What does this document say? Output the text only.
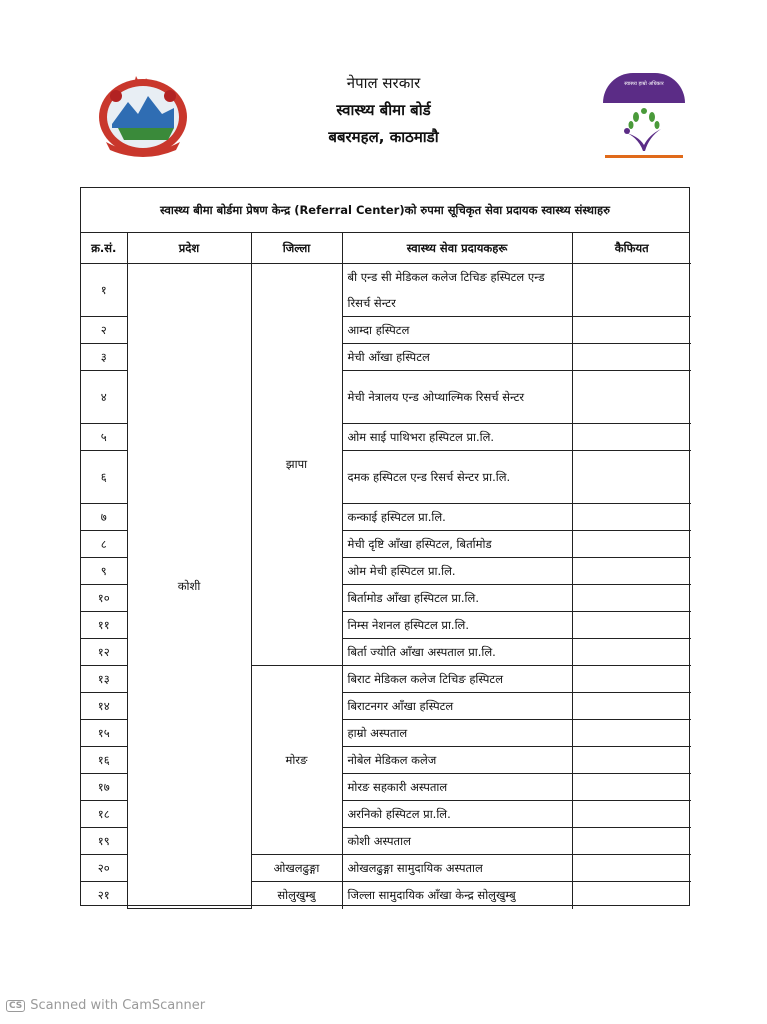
नेपाल सरकार
स्वास्थ्य बीमा बोर्ड
बबरमहल, काठमाडौ
स्वास्थ्य हाम्रो अधिकार
स्वास्थ्य बीमा बोर्डमा प्रेषण केन्द्र (Referral Center)को रुपमा सूचिकृत सेवा प्रदायक स्वास्थ्य संस्थाहरु
क्र.सं.	प्रदेश	जिल्ला	स्वास्थ्य सेवा प्रदायकहरू	कैफियत
१	कोशी	झापा	बी एन्ड सी मेडिकल कलेज टिचिङ हस्पिटल एन्ड रिसर्च सेन्टर	
२			आम्दा हस्पिटल	
३			मेची आँखा हस्पिटल	
४			मेची नेत्रालय एन्ड ओप्थाल्मिक रिसर्च सेन्टर	
५			ओम साई पाथिभरा हस्पिटल प्रा.लि.	
६			दमक हस्पिटल एन्ड रिसर्च सेन्टर प्रा.लि.	
७			कन्काई हस्पिटल प्रा.लि.	
८			मेची दृष्टि आँखा हस्पिटल, बिर्तामोड	
९			ओम मेची हस्पिटल प्रा.लि.	
१०			बिर्तामोड आँखा हस्पिटल प्रा.लि.	
११			निम्स नेशनल हस्पिटल प्रा.लि.	
१२			बिर्ता ज्योति आँखा अस्पताल प्रा.लि.	
१३		मोरङ	बिराट मेडिकल कलेज टिचिङ हस्पिटल	
१४			बिराटनगर आँखा हस्पिटल	
१५			हाम्रो अस्पताल	
१६			नोबेल मेडिकल कलेज	
१७			मोरङ सहकारी अस्पताल	
१८			अरनिको हस्पिटल प्रा.लि.	
१९			कोशी अस्पताल	
२०		ओखलढुङ्गा	ओखलढुङ्गा सामुदायिक अस्पताल	
२१		सोलुखुम्बु	जिल्ला सामुदायिक आँखा केन्द्र सोलुखुम्बु	
CS Scanned with CamScanner
